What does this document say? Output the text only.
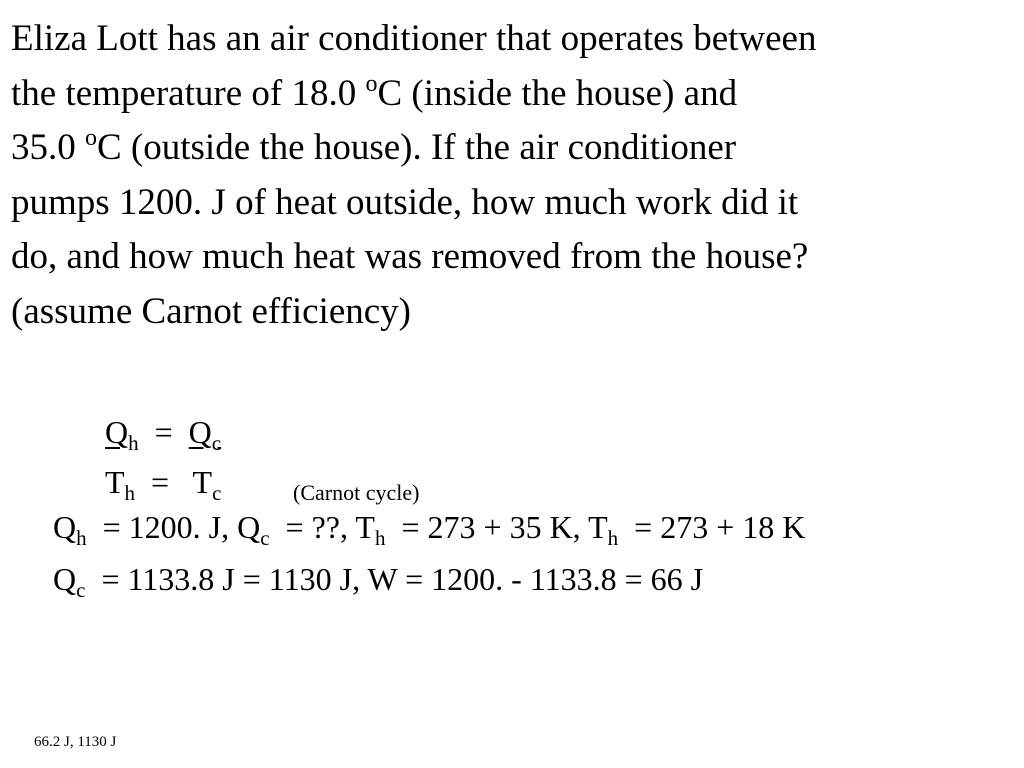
Eliza Lott has an air conditioner that operates between
the temperature of 18.0 $^o$C (inside the house) and
35.0 $^o$C (outside the house). If the air conditioner
pumps 1200. J of heat outside, how much work did it
do, and how much heat was removed from the house?
(assume Carnot efficiency)
$Q_h = Q_c$
$T_h = T_c$	(Carnot cycle)
$Q_h = 1200$. J, $Q_c$  = ??, $T_h = 273 + 35$ K, $T_h = 273 + 18$ K
$Q_c = 1133.8$ J = 1130 J, W = 1200. - 1133.8 = 66 J
66.2 J, 1130 J
